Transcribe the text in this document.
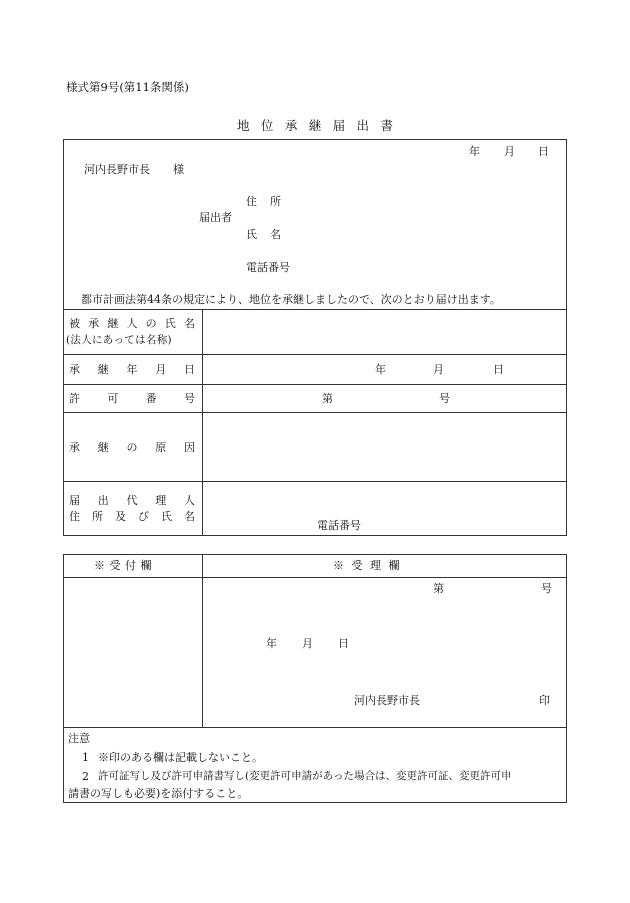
様式第9号(第11条関係)
地 位 承 継 届 出 書
年 月 日
河内長野市長 様
住 所
届出者
氏 名
電話番号
都市計画法第44条の規定により、地位を承継しましたので、次のとおり届け出ます。
被 承 継 人 の 氏 名
(法人にあっては名称)
承 継 年 月 日	年	月	日
許 可 番 号	第	号
承 継 の 原 因
届 出 代 理 人
住 所 及 び 氏 名
電話番号
※ 受 付 欄	※ 受 理 欄
第	号
年 月 日
河内長野市長	印
注意
1 ※印のある欄は記載しないこと。
2 許可証写し及び許可申請書写し(変更許可申請があった場合は、変更許可証、変更許可申
請書の写しも必要)を添付すること。
